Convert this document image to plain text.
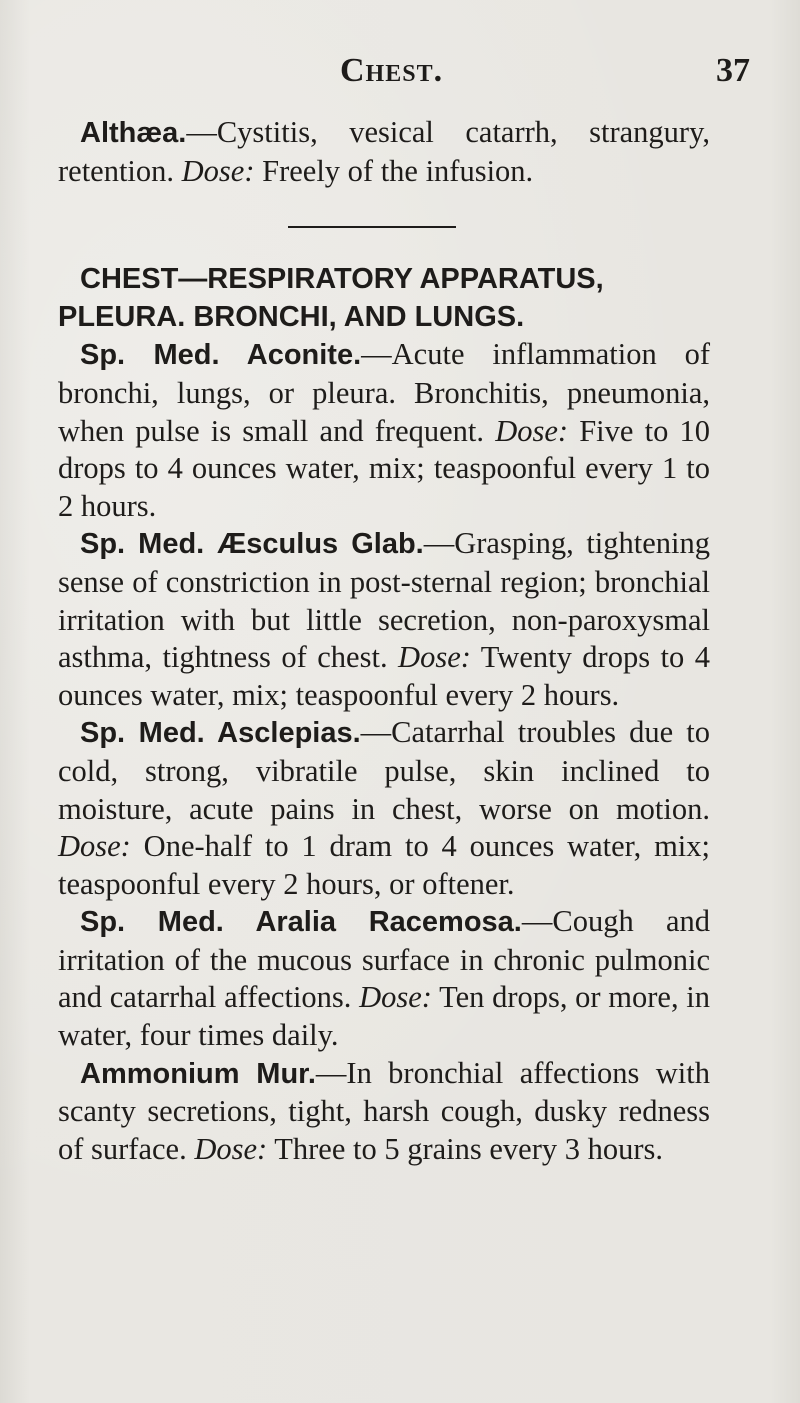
Chest.	37

Althæa.—Cystitis, vesical catarrh, strangury, retention. Dose: Freely of the infusion.

CHEST—RESPIRATORY APPARATUS,
PLEURA. BRONCHI, AND LUNGS.

Sp. Med. Aconite.—Acute inflammation of bronchi, lungs, or pleura. Bronchitis, pneumonia, when pulse is small and frequent. Dose: Five to 10 drops to 4 ounces water, mix; teaspoonful every 1 to 2 hours.

Sp. Med. Æsculus Glab.—Grasping, tightening sense of constriction in post-sternal region; bronchial irritation with but little secretion, non-paroxysmal asthma, tightness of chest. Dose: Twenty drops to 4 ounces water, mix; teaspoonful every 2 hours.

Sp. Med. Asclepias.—Catarrhal troubles due to cold, strong, vibratile pulse, skin inclined to moisture, acute pains in chest, worse on motion. Dose: One-half to 1 dram to 4 ounces water, mix; teaspoonful every 2 hours, or oftener.

Sp. Med. Aralia Racemosa.—Cough and irritation of the mucous surface in chronic pulmonic and catarrhal affections. Dose: Ten drops, or more, in water, four times daily.

Ammonium Mur.—In bronchial affections with scanty secretions, tight, harsh cough, dusky redness of surface. Dose: Three to 5 grains every 3 hours.
